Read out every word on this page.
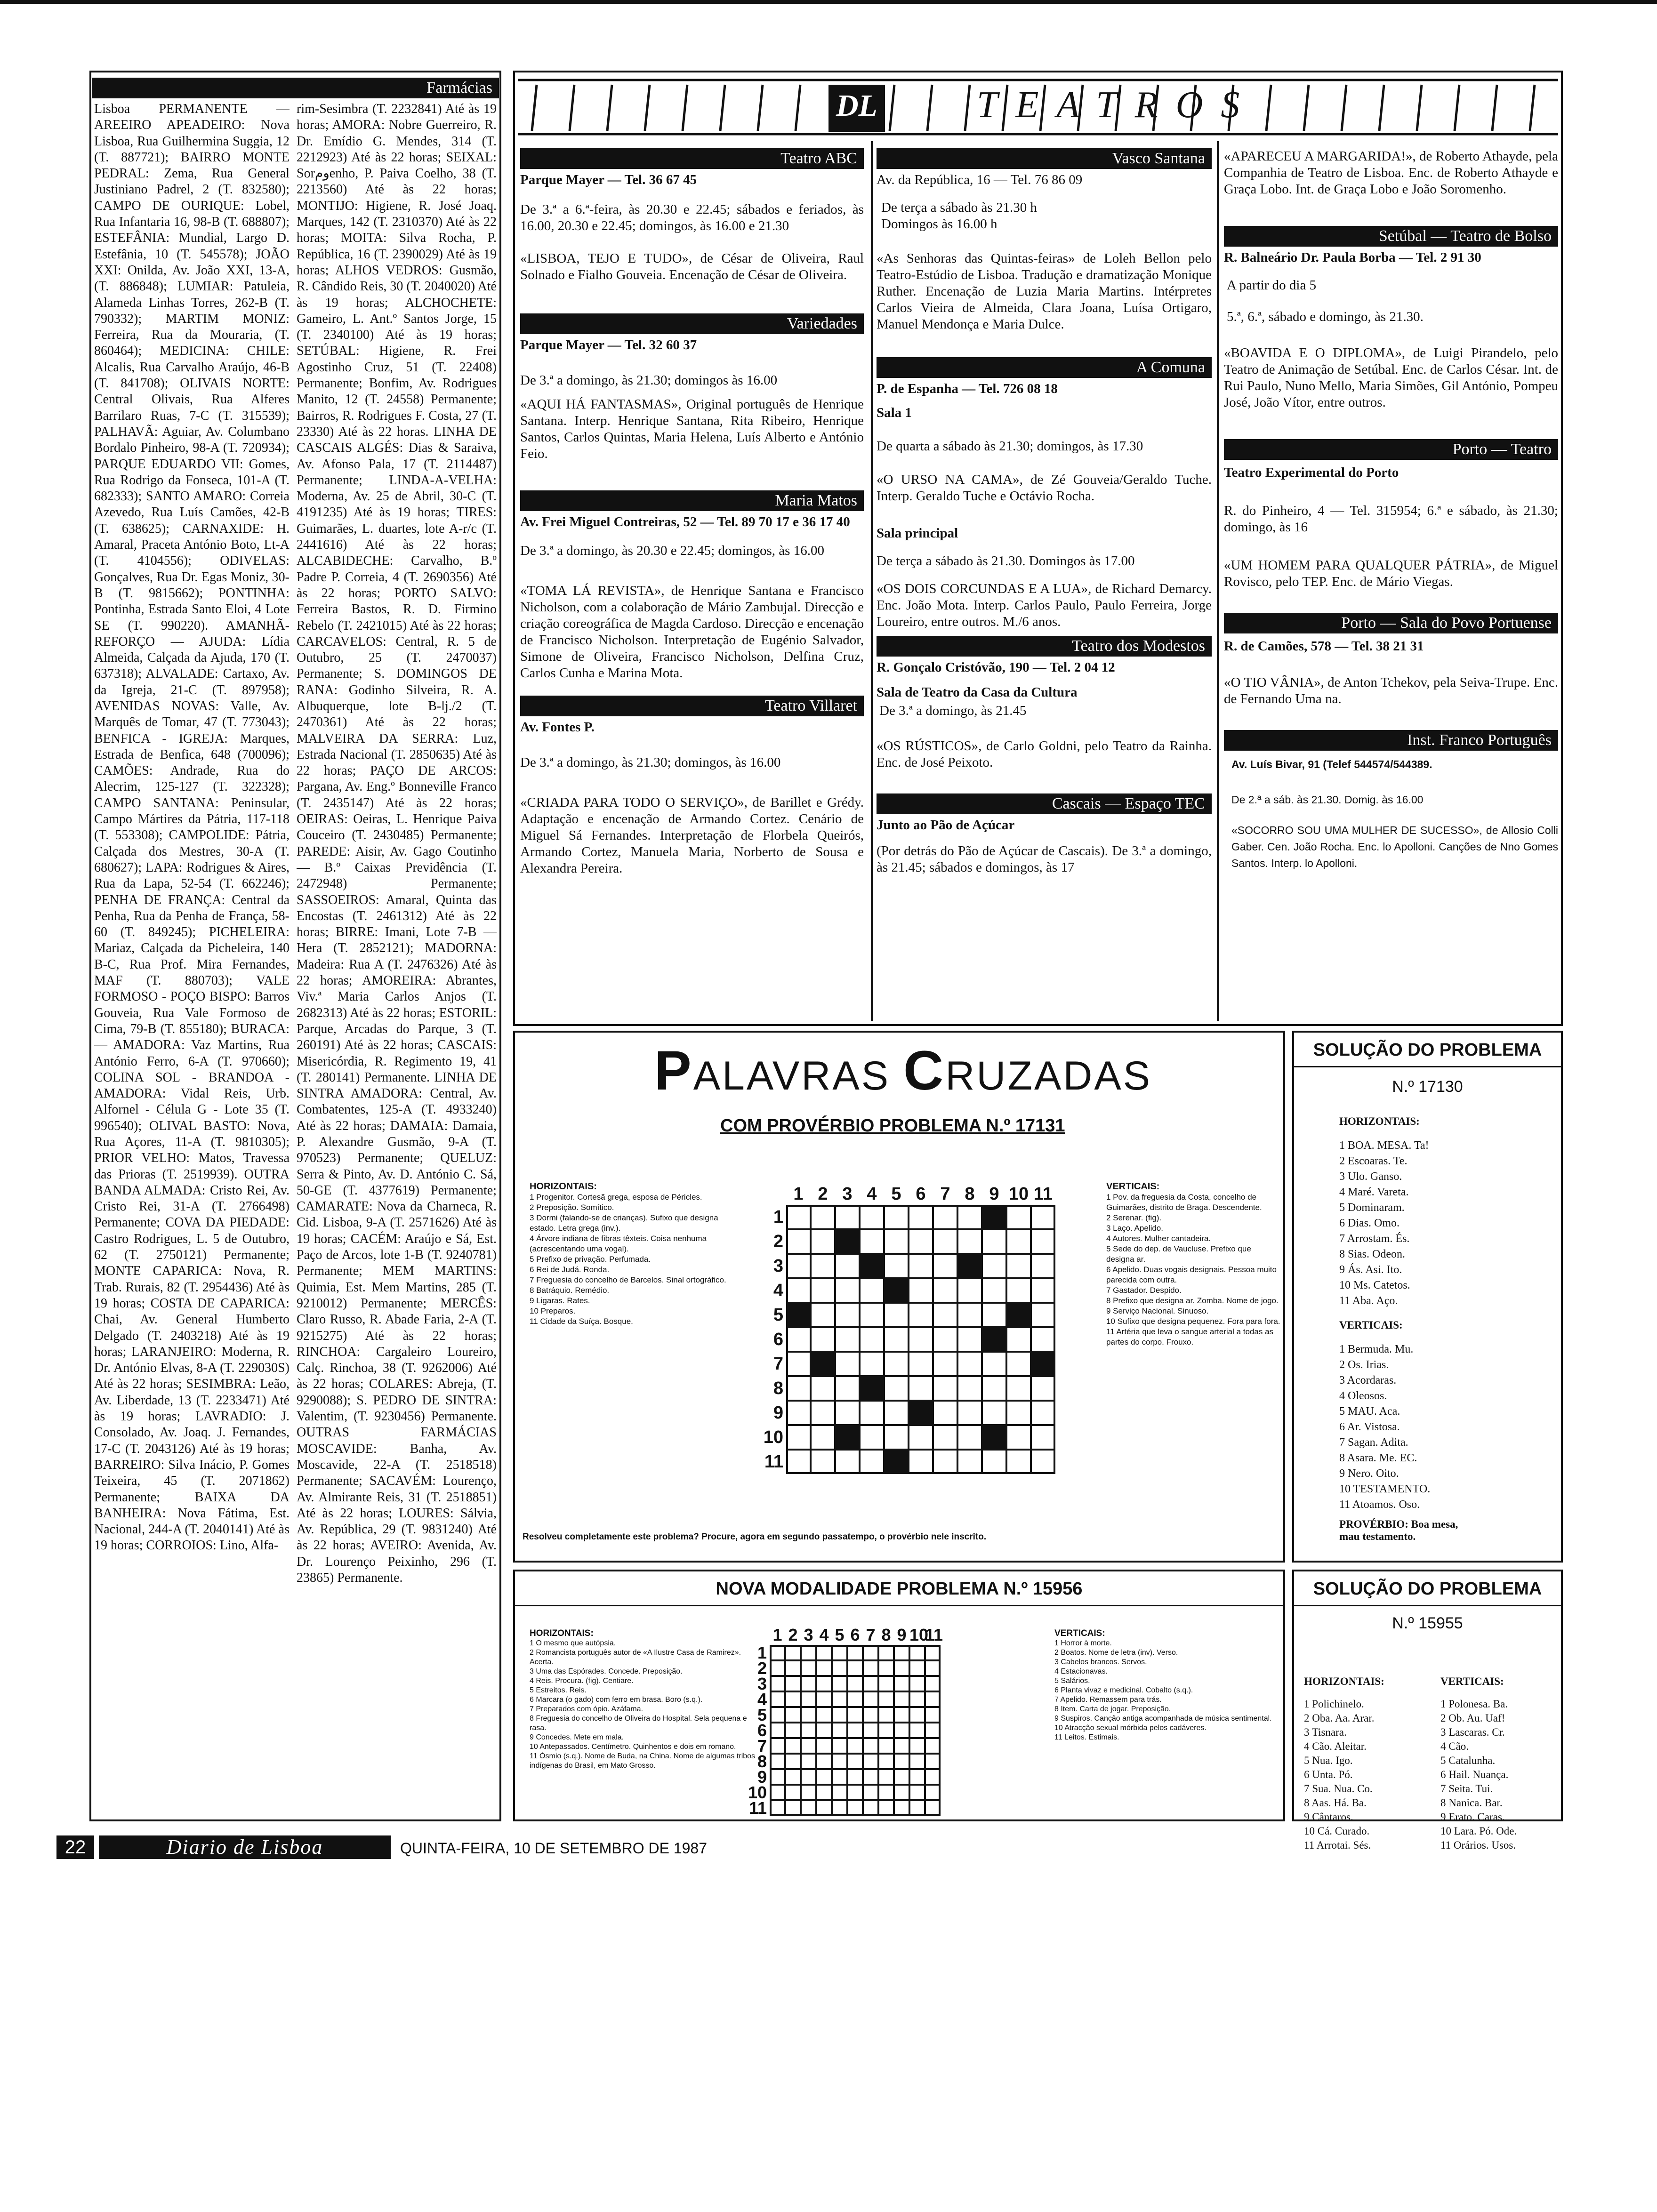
Farmácias
Lisboa PERMANENTE — AREEIRO APEADEIRO: Nova Lisboa, Rua Guilhermina Suggia, 12 (T. 887721); BAIRRO MONTE PEDRAL: Zema, Rua General Justiniano Padrel, 2 (T. 832580); CAMPO DE OURIQUE: Lobel, Rua Infantaria 16, 98-B (T. 688807); ESTEFÂNIA: Mundial, Largo D. Estefânia, 10 (T. 545578); JOÃO XXI: Onilda, Av. João XXI, 13-A, (T. 886848); LUMIAR: Patuleia, Alameda Linhas Torres, 262-B (T. 790332); MARTIM MONIZ: Ferreira, Rua da Mouraria, (T. 860464); MEDICINA: CHILE: Alcalis, Rua Carvalho Araújo, 46-B (T. 841708); OLIVAIS NORTE: Central Olivais, Rua Alferes Barrilaro Ruas, 7-C (T. 315539); PALHAVÃ: Aguiar, Av. Columbano Bordalo Pinheiro, 98-A (T. 720934); PARQUE EDUARDO VII: Gomes, Rua Rodrigo da Fonseca, 101-A (T. 682333); SANTO AMARO: Correia Azevedo, Rua Luís Camões, 42-B (T. 638625); CARNAXIDE: H. Amaral, Praceta António Boto, Lt-A (T. 4104556); ODIVELAS: Gonçalves, Rua Dr. Egas Moniz, 30-B (T. 9815662); PONTINHA: Pontinha, Estrada Santo Eloi, 4 Lote SE (T. 990220). AMANHÃ-REFORÇO — AJUDA: Lídia Almeida, Calçada da Ajuda, 170 (T. 637318); ALVALADE: Cartaxo, Av. da Igreja, 21-C (T. 897958); AVENIDAS NOVAS: Valle, Av. Marquês de Tomar, 47 (T. 773043); BENFICA - IGREJA: Marques, Estrada de Benfica, 648 (700096); CAMÕES: Andrade, Rua do Alecrim, 125-127 (T. 322328); CAMPO SANTANA: Peninsular, Campo Mártires da Pátria, 117-118 (T. 553308); CAMPOLIDE: Pátria, Calçada dos Mestres, 30-A (T. 680627); LAPA: Rodrigues & Aires, Rua da Lapa, 52-54 (T. 662246); PENHA DE FRANÇA: Central da Penha, Rua da Penha de França, 58-60 (T. 849245); PICHELEIRA: Mariaz, Calçada da Picheleira, 140 B-C, Rua Prof. Mira Fernandes, MAF (T. 880703); VALE FORMOSO - POÇO BISPO: Barros Gouveia, Rua Vale Formoso de Cima, 79-B (T. 855180); BURACA: — AMADORA: Vaz Martins, Rua António Ferro, 6-A (T. 970660); COLINA SOL - BRANDOA - AMADORA: Vidal Reis, Urb. Alfornel - Célula G - Lote 35 (T. 996540); OLIVAL BASTO: Nova, Rua Açores, 11-A (T. 9810305); PRIOR VELHO: Matos, Travessa das Prioras (T. 2519939). OUTRA BANDA ALMADA: Cristo Rei, Av. Cristo Rei, 31-A (T. 2766498) Permanente; COVA DA PIEDADE: Castro Rodrigues, L. 5 de Outubro, 62 (T. 2750121) Permanente; MONTE CAPARICA: Nova, R. Trab. Rurais, 82 (T. 2954436) Até às 19 horas; COSTA DE CAPARICA: Chai, Av. General Humberto Delgado (T. 2403218) Até às 19 horas; LARANJEIRO: Moderna, R. Dr. António Elvas, 8-A (T. 229030S) Até às 22 horas; SESIMBRA: Leão, Av. Liberdade, 13 (T. 2233471) Até às 19 horas; LAVRADIO: J. Consolado, Av. Joaq. J. Fernandes, 17-C (T. 2043126) Até às 19 horas; BARREIRO: Silva Inácio, P. Gomes Teixeira, 45 (T. 2071862) Permanente; BAIXA DA BANHEIRA: Nova Fátima, Est. Nacional, 244-A (T. 2040141) Até às 19 horas; CORROIOS: Lino, Alfa-
rim-Sesimbra (T. 2232841) Até às 19 horas; AMORA: Nobre Guerreiro, R. Dr. Emídio G. Mendes, 314 (T. 2212923) Até às 22 horas; SEIXAL: Sorومenho, P. Paiva Coelho, 38 (T. 2213560) Até às 22 horas; MONTIJO: Higiene, R. José Joaq. Marques, 142 (T. 2310370) Até às 22 horas; MOITA: Silva Rocha, P. República, 16 (T. 2390029) Até às 19 horas; ALHOS VEDROS: Gusmão, R. Cândido Reis, 30 (T. 2040020) Até às 19 horas; ALCHOCHETE: Gameiro, L. Ant.º Santos Jorge, 15 (T. 2340100) Até às 19 horas; SETÚBAL: Higiene, R. Frei Agostinho Cruz, 51 (T. 22408) Permanente; Bonfim, Av. Rodrigues Manito, 12 (T. 24558) Permanente; Bairros, R. Rodrigues F. Costa, 27 (T. 23330) Até às 22 horas. LINHA DE CASCAIS ALGÉS: Dias & Saraiva, Av. Afonso Pala, 17 (T. 2114487) Permanente; LINDA-A-VELHA: Moderna, Av. 25 de Abril, 30-C (T. 4191235) Até às 19 horas; TIRES: Guimarães, L. duartes, lote A-r/c (T. 2441616) Até às 22 horas; ALCABIDECHE: Carvalho, B.º Padre P. Correia, 4 (T. 2690356) Até às 22 horas; PORTO SALVO: Ferreira Bastos, R. D. Firmino Rebelo (T. 2421015) Até às 22 horas; CARCAVELOS: Central, R. 5 de Outubro, 25 (T. 2470037) Permanente; S. DOMINGOS DE RANA: Godinho Silveira, R. A. Albuquerque, lote B-lj./2 (T. 2470361) Até às 22 horas; MALVEIRA DA SERRA: Luz, Estrada Nacional (T. 2850635) Até às 22 horas; PAÇO DE ARCOS: Pargana, Av. Eng.º Bonneville Franco (T. 2435147) Até às 22 horas; OEIRAS: Oeiras, L. Henrique Paiva Couceiro (T. 2430485) Permanente; PAREDE: Aisir, Av. Gago Coutinho — B.º Caixas Previdência (T. 2472948) Permanente; SASSOEIROS: Amaral, Quinta das Encostas (T. 2461312) Até às 22 horas; BIRRE: Imani, Lote 7-B — Hera (T. 2852121); MADORNA: Madeira: Rua A (T. 2476326) Até às 22 horas; AMOREIRA: Abrantes, Viv.ª Maria Carlos Anjos (T. 2682313) Até às 22 horas; ESTORIL: Parque, Arcadas do Parque, 3 (T. 260191) Até às 22 horas; CASCAIS: Misericórdia, R. Regimento 19, 41 (T. 280141) Permanente. LINHA DE SINTRA AMADORA: Central, Av. Combatentes, 125-A (T. 4933240) Até às 22 horas; DAMAIA: Damaia, P. Alexandre Gusmão, 9-A (T. 970523) Permanente; QUELUZ: Serra & Pinto, Av. D. António C. Sá, 50-GE (T. 4377619) Permanente; CAMARATE: Nova da Charneca, R. Cid. Lisboa, 9-A (T. 2571626) Até às 19 horas; CACÉM: Araújo e Sá, Est. Paço de Arcos, lote 1-B (T. 9240781) Permanente; MEM MARTINS: Quimia, Est. Mem Martins, 285 (T. 9210012) Permanente; MERCÊS: Claro Russo, R. Abade Faria, 2-A (T. 9215275) Até às 22 horas; RINCHOA: Cargaleiro Loureiro, Calç. Rinchoa, 38 (T. 9262006) Até às 22 horas; COLARES: Abreja, (T. 9290088); S. PEDRO DE SINTRA: Valentim, (T. 9230456) Permanente. OUTRAS FARMÁCIAS MOSCAVIDE: Banha, Av. Moscavide, 22-A (T. 2518518) Permanente; SACAVÉM: Lourenço, Av. Almirante Reis, 31 (T. 2518851) Até às 22 horas; LOURES: Sálvia, Av. República, 29 (T. 9831240) Até às 22 horas; AVEIRO: Avenida, Av. Dr. Lourenço Peixinho, 296 (T. 23865) Permanente.
DL	TEATROS
Teatro ABC
Parque Mayer — Tel. 36 67 45
De 3.ª a 6.ª-feira, às 20.30 e 22.45; sábados e feriados, às 16.00, 20.30 e 22.45; domingos, às 16.00 e 21.30
«LISBOA, TEJO E TUDO», de César de Oliveira, Raul Solnado e Fialho Gouveia. Encenação de César de Oliveira.
Variedades
Parque Mayer — Tel. 32 60 37
De 3.ª a domingo, às 21.30; domingos às 16.00
«AQUI HÁ FANTASMAS», Original português de Henrique Santana. Interp. Henrique Santana, Rita Ribeiro, Henrique Santos, Carlos Quintas, Maria Helena, Luís Alberto e António Feio.
Maria Matos
Av. Frei Miguel Contreiras, 52 — Tel. 89 70 17 e 36 17 40
De 3.ª a domingo, às 20.30 e 22.45; domingos, às 16.00
«TOMA LÁ REVISTA», de Henrique Santana e Francisco Nicholson, com a colaboração de Mário Zambujal. Direcção e criação coreográfica de Magda Cardoso. Direcção e encenação de Francisco Nicholson. Interpretação de Eugénio Salvador, Simone de Oliveira, Francisco Nicholson, Delfina Cruz, Carlos Cunha e Marina Mota.
Teatro Villaret
Av. Fontes P.
De 3.ª a domingo, às 21.30; domingos, às 16.00
«CRIADA PARA TODO O SERVIÇO», de Barillet e Grédy. Adaptação e encenação de Armando Cortez. Cenário de Miguel Sá Fernandes. Interpretação de Florbela Queirós, Armando Cortez, Manuela Maria, Norberto de Sousa e Alexandra Pereira.
Vasco Santana
Av. da República, 16 — Tel. 76 86 09
De terça a sábado às 21.30 h
Domingos às 16.00 h
«As Senhoras das Quintas-feiras» de Loleh Bellon pelo Teatro-Estúdio de Lisboa. Tradução e dramatização Monique Ruther. Encenação de Luzia Maria Martins. Intérpretes Carlos Vieira de Almeida, Clara Joana, Luísa Ortigaro, Manuel Mendonça e Maria Dulce.
A Comuna
P. de Espanha — Tel. 726 08 18
Sala 1
De quarta a sábado às 21.30; domingos, às 17.30
«O URSO NA CAMA», de Zé Gouveia/Geraldo Tuche. Interp. Geraldo Tuche e Octávio Rocha.
Sala principal
De terça a sábado às 21.30. Domingos às 17.00
«OS DOIS CORCUNDAS E A LUA», de Richard Demarcy. Enc. João Mota. Interp. Carlos Paulo, Paulo Ferreira, Jorge Loureiro, entre outros. M./6 anos.
Teatro dos Modestos
R. Gonçalo Cristóvão, 190 — Tel. 2 04 12
Sala de Teatro da Casa da Cultura
De 3.ª a domingo, às 21.45
«OS RÚSTICOS», de Carlo Goldni, pelo Teatro da Rainha. Enc. de José Peixoto.
Cascais — Espaço TEC
Junto ao Pão de Açúcar
(Por detrás do Pão de Açúcar de Cascais). De 3.ª a domingo, às 21.45; sábados e domingos, às 17
«APARECEU A MARGARIDA!», de Roberto Athayde, pela Companhia de Teatro de Lisboa. Enc. de Roberto Athayde e Graça Lobo. Int. de Graça Lobo e João Soromenho.
Setúbal — Teatro de Bolso
R. Balneário Dr. Paula Borba — Tel. 2 91 30
A partir do dia 5
5.ª, 6.ª, sábado e domingo, às 21.30.
«BOAVIDA E O DIPLOMA», de Luigi Pirandelo, pelo Teatro de Animação de Setúbal. Enc. de Carlos César. Int. de Rui Paulo, Nuno Mello, Maria Simões, Gil António, Pompeu José, João Vítor, entre outros.
Porto — Teatro
Teatro Experimental do Porto
R. do Pinheiro, 4 — Tel. 315954; 6.ª e sábado, às 21.30; domingo, às 16
«UM HOMEM PARA QUALQUER PÁTRIA», de Miguel Rovisco, pelo TEP. Enc. de Mário Viegas.
Porto — Sala do Povo Portuense
R. de Camões, 578 — Tel. 38 21 31
«O TIO VÂNIA», de Anton Tchekov, pela Seiva-Trupe. Enc. de Fernando Uma na.
Inst. Franco Português
Av. Luís Bivar, 91 (Telef 544574/544389.
De 2.ª a sáb. às 21.30. Domig. às 16.00
«SOCORRO SOU UMA MULHER DE SUCESSO», de Allosio Colli Gaber. Cen. João Rocha. Enc. lo Apolloni. Canções de Nno Gomes Santos. Interp. lo Apolloni.
PALAVRAS CRUZADAS
COM PROVÉRBIO PROBLEMA N.º 17131
HORIZONTAIS:
1 Progenitor. Cortesã grega, esposa de Péricles.
2 Preposição. Somítico.
3 Dormi (falando-se de crianças). Sufixo que designa estado. Letra grega (inv.).
4 Árvore indiana de fibras têxteis. Coisa nenhuma (acrescentando uma vogal).
5 Prefixo de privação. Perfumada.
6 Rei de Judá. Ronda.
7 Freguesia do concelho de Barcelos. Sinal ortográfico.
8 Batráquio. Remédio.
9 Ligaras. Rates.
10 Preparos.
11 Cidade da Suíça. Bosque.
VERTICAIS:
1 Pov. da freguesia da Costa, concelho de Guimarães, distrito de Braga. Descendente.
2 Serenar. (fig).
3 Laço. Apelido.
4 Autores. Mulher cantadeira.
5 Sede do dep. de Vaucluse. Prefixo que designa ar.
6 Apelido. Duas vogais designais. Pessoa muito parecida com outra.
7 Gastador. Despido.
8 Prefixo que designa ar. Zomba. Nome de jogo.
9 Serviço Nacional. Sinuoso.
10 Sufixo que designa pequenez. Fora para fora.
11 Artéria que leva o sangue arterial a todas as partes do corpo. Frouxo.
1 2 3 4 5 6 7 8 9 10 11
1
2
3
4
5
6
7
8
9
10
11
Resolveu completamente este problema? Procure, agora em segundo passatempo, o provérbio nele inscrito.
SOLUÇÃO DO PROBLEMA
N.º 17130
HORIZONTAIS:
1 BOA. MESA. Ta!
2 Escoaras. Te.
3 Ulo. Ganso.
4 Maré. Vareta.
5 Dominaram.
6 Dias. Omo.
7 Arrostam. És.
8 Sias. Odeon.
9 Ás. Asi. Ito.
10 Ms. Catetos.
11 Aba. Aço.
VERTICAIS:
1 Bermuda. Mu.
2 Os. Irias.
3 Acordaras.
4 Oleosos.
5 MAU. Aca.
6 Ar. Vistosa.
7 Sagan. Adita.
8 Asara. Me. EC.
9 Nero. Oito.
10 TESTAMENTO.
11 Atoamos. Oso.
PROVÉRBIO: Boa mesa, mau testamento.
NOVA MODALIDADE PROBLEMA N.º 15956
HORIZONTAIS:
1 O mesmo que autópsia.
2 Romancista português autor de «A Ilustre Casa de Ramirez». Acerta.
3 Uma das Espórades. Concede. Preposição.
4 Reis. Procura. (fig). Centiare.
5 Estreitos. Reis.
6 Marcara (o gado) com ferro em brasa. Boro (s.q.).
7 Preparados com ópio. Azáfama.
8 Freguesia do concelho de Oliveira do Hospital. Sela pequena e rasa.
9 Concedes. Mete em mala.
10 Antepassados. Centímetro. Quinhentos e dois em romano.
11 Ósmio (s.q.). Nome de Buda, na China. Nome de algumas tribos indígenas do Brasil, em Mato Grosso.
VERTICAIS:
1 Horror à morte.
2 Boatos. Nome de letra (inv). Verso.
3 Cabelos brancos. Servos.
4 Estacionavas.
5 Salários.
6 Planta vivaz e medicinal. Cobalto (s.q.).
7 Apelido. Remassem para trás.
8 Item. Carta de jogar. Preposição.
9 Suspiros. Canção antiga acompanhada de música sentimental.
10 Atracção sexual mórbida pelos cadáveres.
11 Leitos. Estimais.
1 2 3 4 5 6 7 8 9 10
11
1
2
3
4
5
6
7
8
9
10
11
SOLUÇÃO DO PROBLEMA
N.º 15955
HORIZONTAIS:
1 Polichinelo.
2 Oba. Aa. Arar.
3 Tisnara.
4 Cão. Aleitar.
5 Nua. Igo.
6 Unta. Pó.
7 Sua. Nua. Co.
8 Aas. Há. Ba.
9 Cântaros.
10 Cá. Curado.
11 Arrotai. Sés.
VERTICAIS:
1 Polonesa. Ba.
2 Ob. Au. Uaf!
3 Lascaras. Cr.
4 Cão.
5 Catalunha.
6 Hail. Nuança.
7 Seita. Tui.
8 Nanica. Bar.
9 Erato. Caras.
10 Lara. Pó. Ode.
11 Orários. Usos.
22	Diario de Lisboa	QUINTA-FEIRA, 10 DE SETEMBRO DE 1987
